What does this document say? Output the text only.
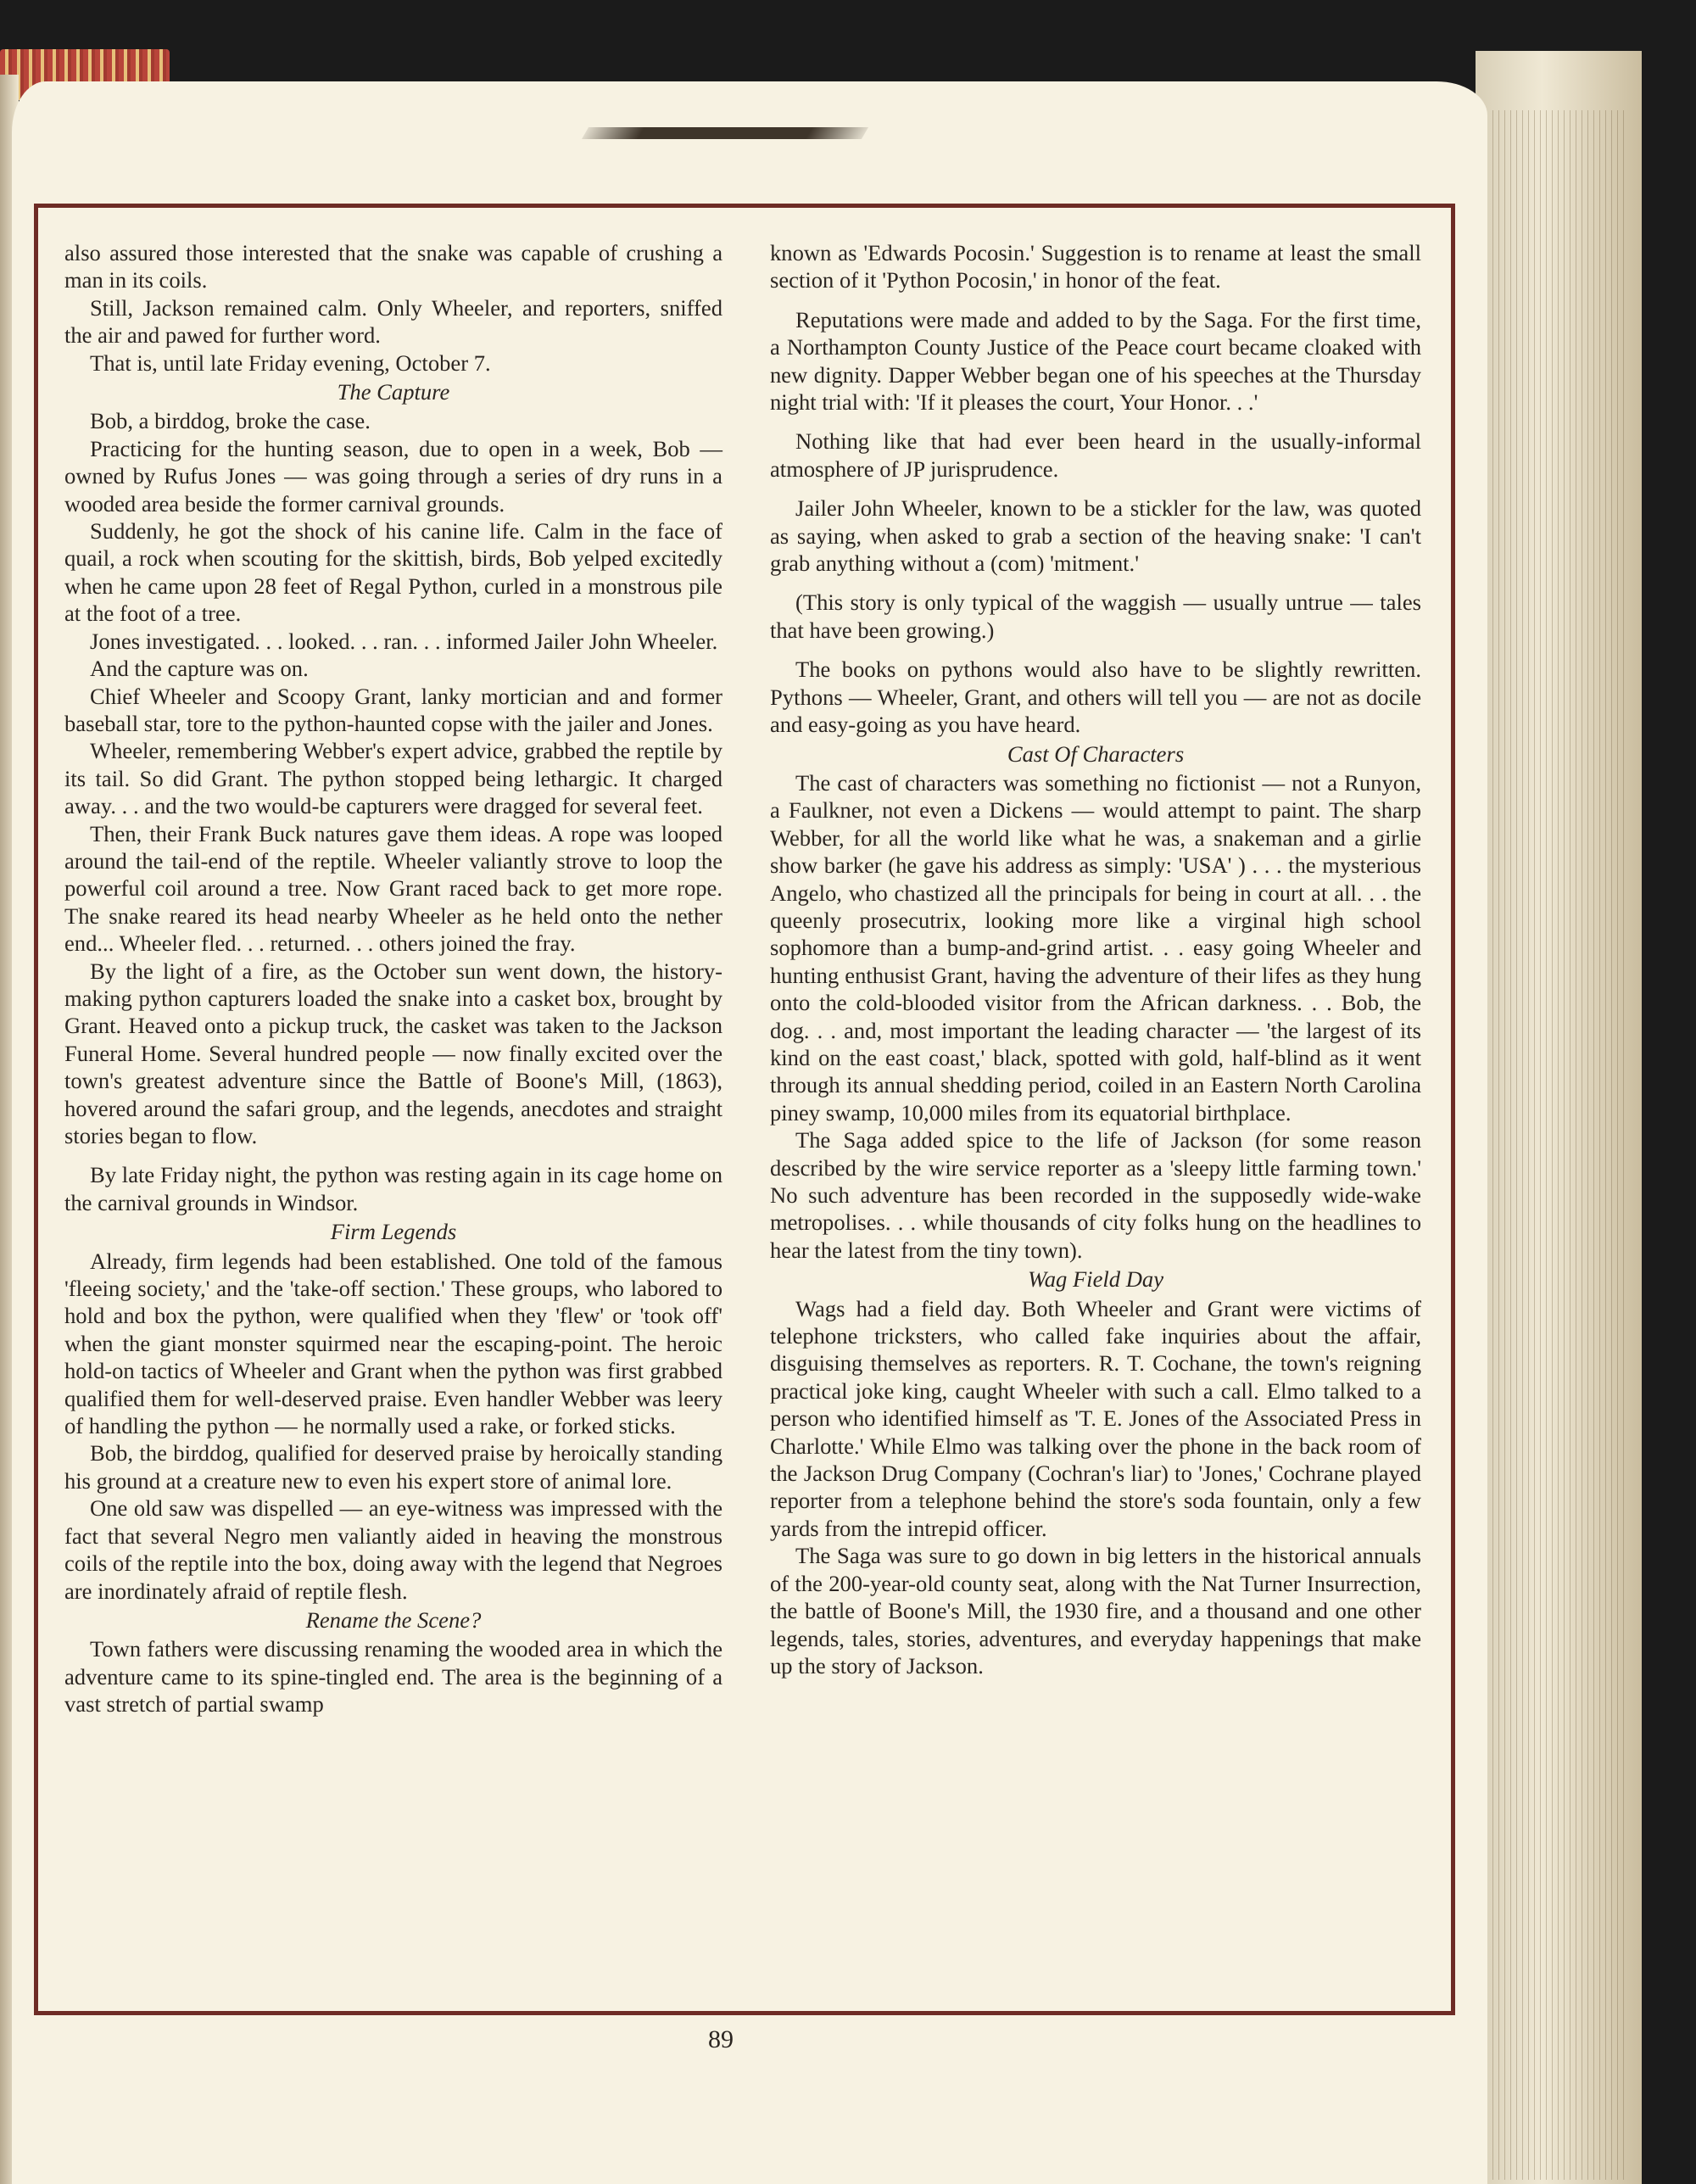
also assured those interested that the snake was capable of crushing a man in its coils.

Still, Jackson remained calm. Only Wheeler, and reporters, sniffed the air and pawed for further word.

That is, until late Friday evening, October 7.

The Capture

Bob, a birddog, broke the case.

Practicing for the hunting season, due to open in a week, Bob — owned by Rufus Jones — was going through a series of dry runs in a wooded area beside the former carnival grounds.

Suddenly, he got the shock of his canine life. Calm in the face of quail, a rock when scouting for the skittish, birds, Bob yelped excitedly when he came upon 28 feet of Regal Python, curled in a monstrous pile at the foot of a tree.

Jones investigated. . . looked. . . ran. . . informed Jailer John Wheeler.

And the capture was on.

Chief Wheeler and Scoopy Grant, lanky mortician and and former baseball star, tore to the python-haunted copse with the jailer and Jones.

Wheeler, remembering Webber's expert advice, grabbed the reptile by its tail. So did Grant. The python stopped being lethargic. It charged away. . . and the two would-be capturers were dragged for several feet.

Then, their Frank Buck natures gave them ideas. A rope was looped around the tail-end of the reptile. Wheeler valiantly strove to loop the powerful coil around a tree. Now Grant raced back to get more rope. The snake reared its head nearby Wheeler as he held onto the nether end... Wheeler fled. . . returned. . . others joined the fray.

By the light of a fire, as the October sun went down, the history-making python capturers loaded the snake into a casket box, brought by Grant. Heaved onto a pickup truck, the casket was taken to the Jackson Funeral Home. Several hundred people — now finally excited over the town's greatest adventure since the Battle of Boone's Mill, (1863), hovered around the safari group, and the legends, anecdotes and straight stories began to flow.

By late Friday night, the python was resting again in its cage home on the carnival grounds in Windsor.

Firm Legends

Already, firm legends had been established. One told of the famous 'fleeing society,' and the 'take-off section.' These groups, who labored to hold and box the python, were qualified when they 'flew' or 'took off' when the giant monster squirmed near the escaping-point. The heroic hold-on tactics of Wheeler and Grant when the python was first grabbed qualified them for well-deserved praise. Even handler Webber was leery of handling the python — he normally used a rake, or forked sticks.

Bob, the birddog, qualified for deserved praise by heroically standing his ground at a creature new to even his expert store of animal lore.

One old saw was dispelled — an eye-witness was impressed with the fact that several Negro men valiantly aided in heaving the monstrous coils of the reptile into the box, doing away with the legend that Negroes are inordinately afraid of reptile flesh.

Rename the Scene?

Town fathers were discussing renaming the wooded area in which the adventure came to its spine-tingled end. The area is the beginning of a vast stretch of partial swamp

known as 'Edwards Pocosin.' Suggestion is to rename at least the small section of it 'Python Pocosin,' in honor of the feat.

Reputations were made and added to by the Saga. For the first time, a Northampton County Justice of the Peace court became cloaked with new dignity. Dapper Webber began one of his speeches at the Thursday night trial with: 'If it pleases the court, Your Honor. . .'

Nothing like that had ever been heard in the usually-informal atmosphere of JP jurisprudence.

Jailer John Wheeler, known to be a stickler for the law, was quoted as saying, when asked to grab a section of the heaving snake: 'I can't grab anything without a (com) 'mitment.'

(This story is only typical of the waggish — usually untrue — tales that have been growing.)

The books on pythons would also have to be slightly rewritten. Pythons — Wheeler, Grant, and others will tell you — are not as docile and easy-going as you have heard.

Cast Of Characters

The cast of characters was something no fictionist — not a Runyon, a Faulkner, not even a Dickens — would attempt to paint. The sharp Webber, for all the world like what he was, a snakeman and a girlie show barker (he gave his address as simply: 'USA' ) . . . the mysterious Angelo, who chastized all the principals for being in court at all. . . the queenly prosecutrix, looking more like a virginal high school sophomore than a bump-and-grind artist. . . easy going Wheeler and hunting enthusist Grant, having the adventure of their lifes as they hung onto the cold-blooded visitor from the African darkness. . . Bob, the dog. . . and, most important the leading character — 'the largest of its kind on the east coast,' black, spotted with gold, half-blind as it went through its annual shedding period, coiled in an Eastern North Carolina piney swamp, 10,000 miles from its equatorial birthplace.

The Saga added spice to the life of Jackson (for some reason described by the wire service reporter as a 'sleepy little farming town.' No such adventure has been recorded in the supposedly wide-wake metropolises. . . while thousands of city folks hung on the headlines to hear the latest from the tiny town).

Wag Field Day

Wags had a field day. Both Wheeler and Grant were victims of telephone tricksters, who called fake inquiries about the affair, disguising themselves as reporters. R. T. Cochane, the town's reigning practical joke king, caught Wheeler with such a call. Elmo talked to a person who identified himself as 'T. E. Jones of the Associated Press in Charlotte.' While Elmo was talking over the phone in the back room of the Jackson Drug Company (Cochran's liar) to 'Jones,' Cochrane played reporter from a telephone behind the store's soda fountain, only a few yards from the intrepid officer.

The Saga was sure to go down in big letters in the historical annuals of the 200-year-old county seat, along with the Nat Turner Insurrection, the battle of Boone's Mill, the 1930 fire, and a thousand and one other legends, tales, stories, adventures, and everyday happenings that make up the story of Jackson.

89
